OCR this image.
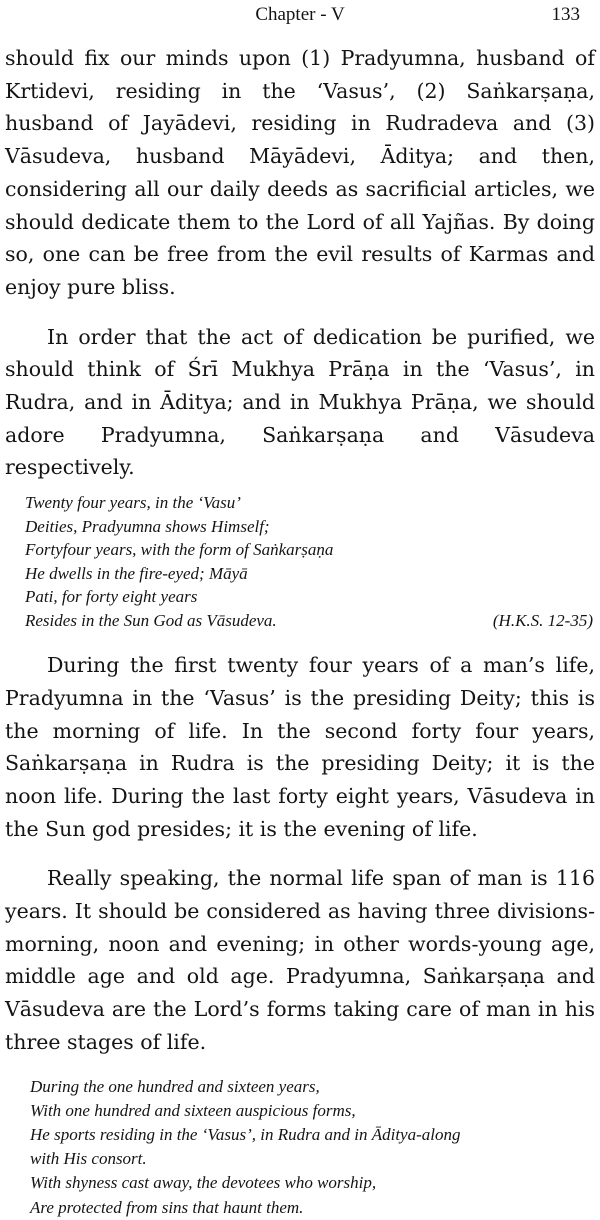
Chapter - V	133

should fix our minds upon (1) Pradyumna, husband of Krtidevi, residing in the ‘Vasus’, (2) Saṅkarṣaṇa, husband of Jayādevi, residing in Rudradeva and (3) Vāsudeva, husband Māyādevi, Āditya; and then, considering all our daily deeds as sacrificial articles, we should dedicate them to the Lord of all Yajñas. By doing so, one can be free from the evil results of Karmas and enjoy pure bliss.

In order that the act of dedication be purified, we should think of Śrī Mukhya Prāṇa in the ‘Vasus’, in Rudra, and in Āditya; and in Mukhya Prāṇa, we should adore Pradyumna, Saṅkarṣaṇa and Vāsudeva respectively.

Twenty four years, in the ‘Vasu’
Deities, Pradyumna shows Himself;
Fortyfour years, with the form of Saṅkarṣaṇa
He dwells in the fire-eyed; Māyā
Pati, for forty eight years
Resides in the Sun God as Vāsudeva.	(H.K.S. 12-35)

During the first twenty four years of a man’s life, Pradyumna in the ‘Vasus’ is the presiding Deity; this is the morning of life. In the second forty four years, Saṅkarṣaṇa in Rudra is the presiding Deity; it is the noon life. During the last forty eight years, Vāsudeva in the Sun god presides; it is the evening of life.

Really speaking, the normal life span of man is 116 years. It should be considered as having three divisions-morning, noon and evening; in other words-young age, middle age and old age. Pradyumna, Saṅkarṣaṇa and Vāsudeva are the Lord’s forms taking care of man in his three stages of life.

During the one hundred and sixteen years,
With one hundred and sixteen auspicious forms,
He sports residing in the ‘Vasus’, in Rudra and in Āditya-along
with His consort.
With shyness cast away, the devotees who worship,
Are protected from sins that haunt them.
